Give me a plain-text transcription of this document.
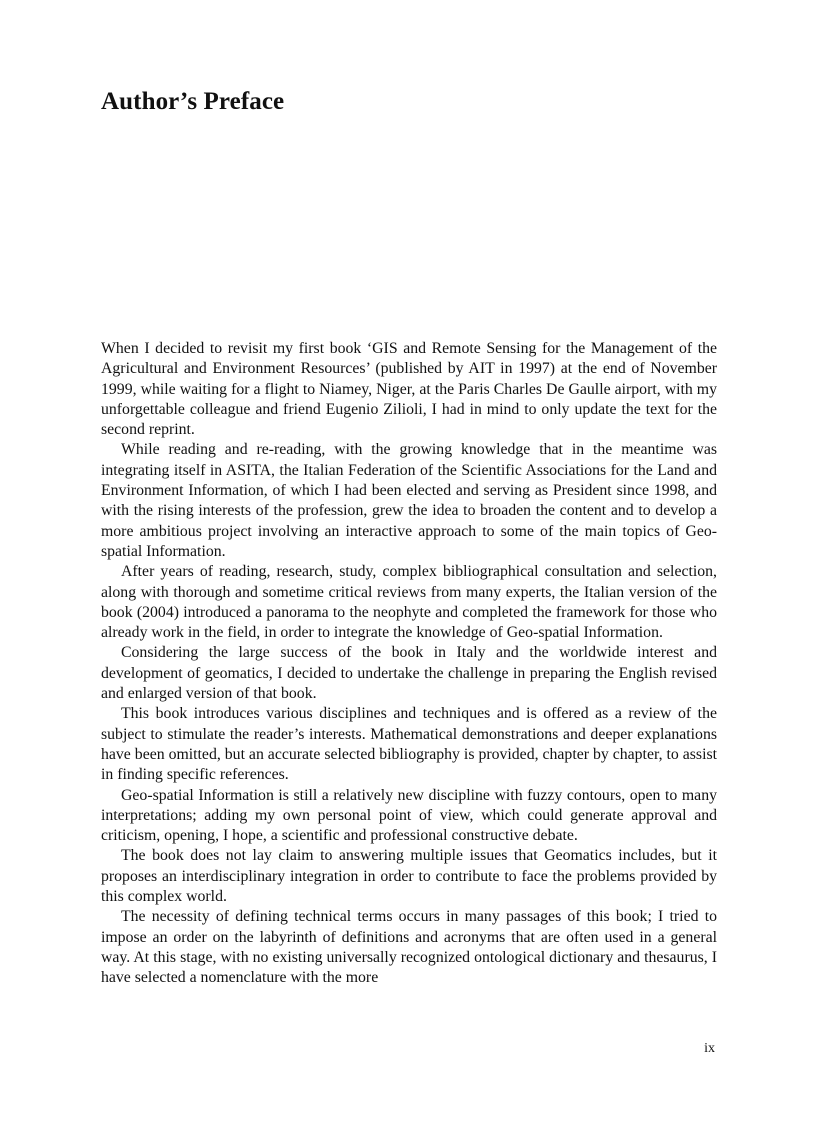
Author’s Preface

When I decided to revisit my first book ‘GIS and Remote Sensing for the Management of the Agricultural and Environment Resources’ (published by AIT in 1997) at the end of November 1999, while waiting for a flight to Niamey, Niger, at the Paris Charles De Gaulle airport, with my unforgettable colleague and friend Eugenio Zilioli, I had in mind to only update the text for the second reprint.

While reading and re-reading, with the growing knowledge that in the meantime was integrating itself in ASITA, the Italian Federation of the Scientific Associations for the Land and Environment Information, of which I had been elected and serving as President since 1998, and with the rising interests of the profession, grew the idea to broaden the content and to develop a more ambitious project involving an interactive approach to some of the main topics of Geo-spatial Information.

After years of reading, research, study, complex bibliographical consultation and selection, along with thorough and sometime critical reviews from many experts, the Italian version of the book (2004) introduced a panorama to the neophyte and completed the framework for those who already work in the field, in order to integrate the knowledge of Geo-spatial Information.

Considering the large success of the book in Italy and the worldwide interest and development of geomatics, I decided to undertake the challenge in preparing the English revised and enlarged version of that book.

This book introduces various disciplines and techniques and is offered as a review of the subject to stimulate the reader’s interests. Mathematical demonstrations and deeper explanations have been omitted, but an accurate selected bibliography is provided, chapter by chapter, to assist in finding specific references.

Geo-spatial Information is still a relatively new discipline with fuzzy contours, open to many interpretations; adding my own personal point of view, which could generate approval and criticism, opening, I hope, a scientific and professional constructive debate.

The book does not lay claim to answering multiple issues that Geomatics includes, but it proposes an interdisciplinary integration in order to contribute to face the problems provided by this complex world.

The necessity of defining technical terms occurs in many passages of this book; I tried to impose an order on the labyrinth of definitions and acronyms that are often used in a general way. At this stage, with no existing universally recognized ontological dictionary and thesaurus, I have selected a nomenclature with the more

ix
